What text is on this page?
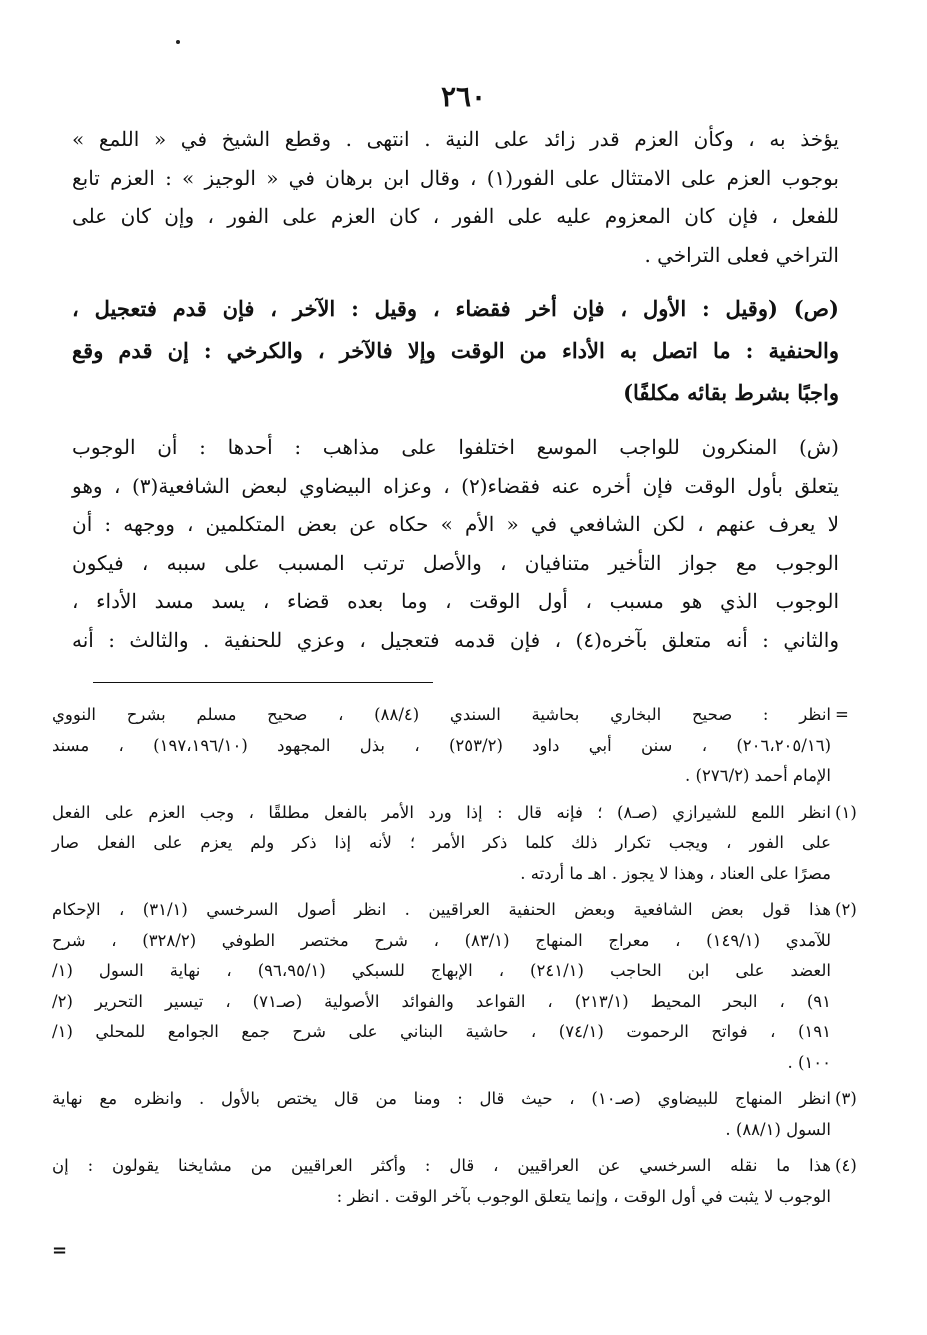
٢٦٠
يؤخذ به ، وكأن العزم قدر زائد على النية . انتهى . وقطع الشيخ في « اللمع »
بوجوب العزم على الامتثال على الفور(١) ، وقال ابن برهان في « الوجيز » : العزم تابع
للفعل ، فإن كان المعزوم عليه على الفور ، كان العزم على الفور ، وإن كان على
التراخي فعلى التراخي .
(ص) (وقيل : الأول ، فإن أخر فقضاء ، وقيل : الآخر ، فإن قدم فتعجيل ،
والحنفية : ما اتصل به الأداء من الوقت وإلا فالآخر ، والكرخي : إن قدم وقع
واجبًا بشرط بقائه مكلفًا)
(ش) المنكرون للواجب الموسع اختلفوا على مذاهب : أحدها : أن الوجوب
يتعلق بأول الوقت فإن أخره عنه فقضاء(٢) ، وعزاه البيضاوي لبعض الشافعية(٣) ، وهو
لا يعرف عنهم ، لكن الشافعي في « الأم » حكاه عن بعض المتكلمين ، ووجهه : أن
الوجوب مع جواز التأخير متنافيان ، والأصل ترتب المسبب على سببه ، فيكون
الوجوب الذي هو مسبب ، أول الوقت ، وما بعده قضاء ، يسد مسد الأداء ،
والثاني : أنه متعلق بآخره(٤) ، فإن قدمه فتعجيل ، وعزي للحنفية . والثالث : أنه
=
انظر : صحيح البخاري بحاشية السندي (٨٨/٤) ، صحيح مسلم بشرح النووي
(٢٠٦،٢٠٥/١٦) ، سنن أبي داود (٢٥٣/٢) ، بذل المجهود (١٩٧،١٩٦/١٠) ، مسند
الإمام أحمد (٢٧٦/٢) .
(١)
انظر اللمع للشيرازي (صـ٨) ؛ فإنه قال : إذا ورد الأمر بالفعل مطلقًا ، وجب العزم على الفعل
على الفور ، ويجب تكرار ذلك كلما ذكر الأمر ؛ لأنه إذا ذكر ولم يعزم على الفعل صار
مصرًا على العناد ، وهذا لا يجوز . اهـ ما أردته .
(٢)
هذا قول بعض الشافعية وبعض الحنفية العراقيين . انظر أصول السرخسي (٣١/١) ، الإحكام
للآمدي (١٤٩/١) ، معراج المنهاج (٨٣/١) ، شرح مختصر الطوفي (٣٢٨/٢) ، شرح
العضد على ابن الحاجب (٢٤١/١) ، الإبهاج للسبكي (٩٦،٩٥/١) ، نهاية السول (١/
٩١) ، البحر المحيط (٢١٣/١) ، القواعد والفوائد الأصولية (صـ٧١) ، تيسير التحرير (٢/
١٩١) ، فواتح الرحموت (٧٤/١) ، حاشية البناني على شرح جمع الجوامع للمحلي (١/
١٠٠) .
(٣)
انظر المنهاج للبيضاوي (صـ١٠) ، حيث قال : ومنا من قال يختص بالأول . وانظره مع نهاية
السول (٨٨/١) .
(٤)
هذا ما نقله السرخسي عن العراقيين ، قال : وأكثر العراقيين من مشايخنا يقولون : إن
الوجوب لا يثبت في أول الوقت ، وإنما يتعلق الوجوب بآخر الوقت . انظر :
=
